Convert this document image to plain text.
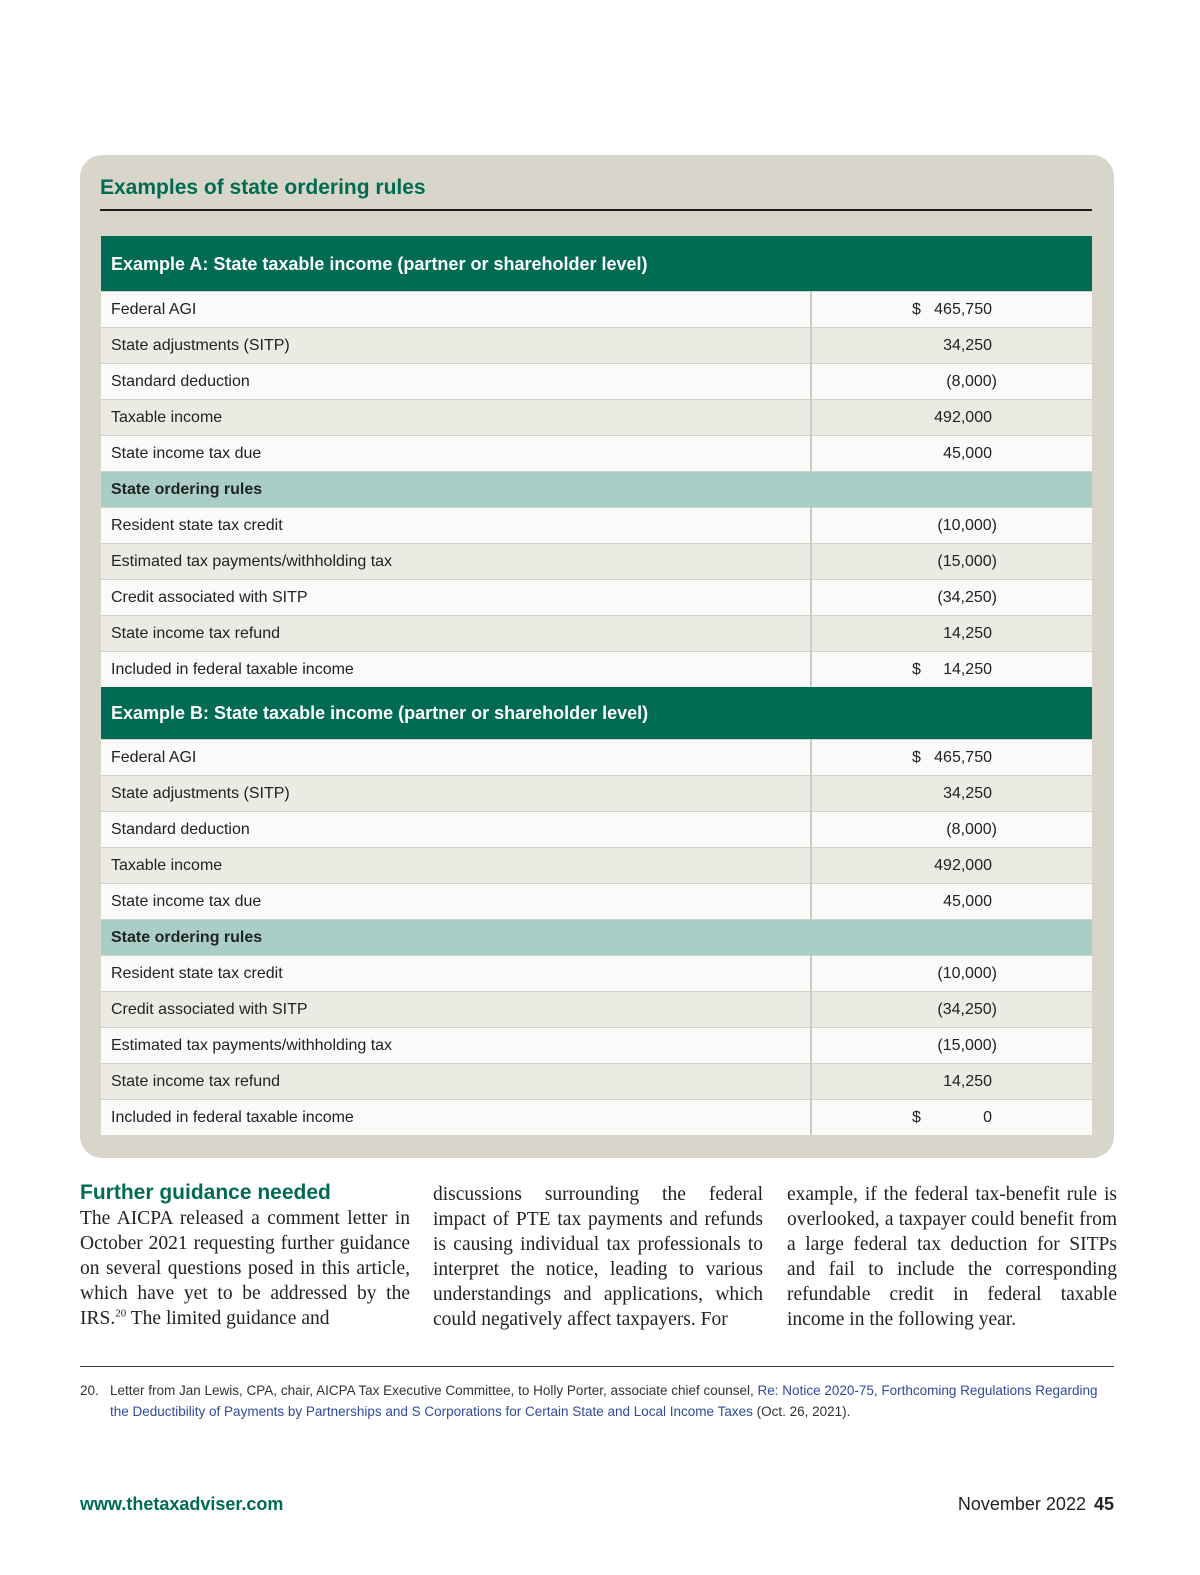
Examples of state ordering rules
Example A: State taxable income (partner or shareholder level)	
Federal AGI	$ 465,750

State adjustments (SITP)	34,250

Standard deduction	(8,000)

Taxable income	492,000

State income tax due	45,000

State ordering rules	
Resident state tax credit	(10,000)

Estimated tax payments/withholding tax	(15,000)

Credit associated with SITP	(34,250)

State income tax refund	14,250

Included in federal taxable income	$ 14,250

Example B: State taxable income (partner or shareholder level)	
Federal AGI	$ 465,750

State adjustments (SITP)	34,250

Standard deduction	(8,000)

Taxable income	492,000

State income tax due	45,000

State ordering rules	
Resident state tax credit	(10,000)

Credit associated with SITP	(34,250)

Estimated tax payments/withholding tax	(15,000)

State income tax refund	14,250

Included in federal taxable income	$ 0
Further guidance needed

The AICPA released a comment letter in October 2021 requesting further guidance on several questions posed in this article, which have yet to be addressed by the IRS.$^{20}$ The limited guidance and

discussions surrounding the federal impact of PTE tax payments and refunds is causing individual tax professionals to interpret the notice, leading to various understandings and applications, which could negatively affect taxpayers. For

example, if the federal tax-benefit rule is overlooked, a taxpayer could benefit from a large federal tax deduction for SITPs and fail to include the corresponding refundable credit in federal taxable income in the following year.

20. Letter from Jan Lewis, CPA, chair, AICPA Tax Executive Committee, to Holly Porter, associate chief counsel, Re: Notice 2020-75, Forthcoming Regulations Regarding the Deductibility of Payments by Partnerships and S Corporations for Certain State and Local Income Taxes (Oct. 26, 2021).
www.thetaxadviser.com	November 2022 45
